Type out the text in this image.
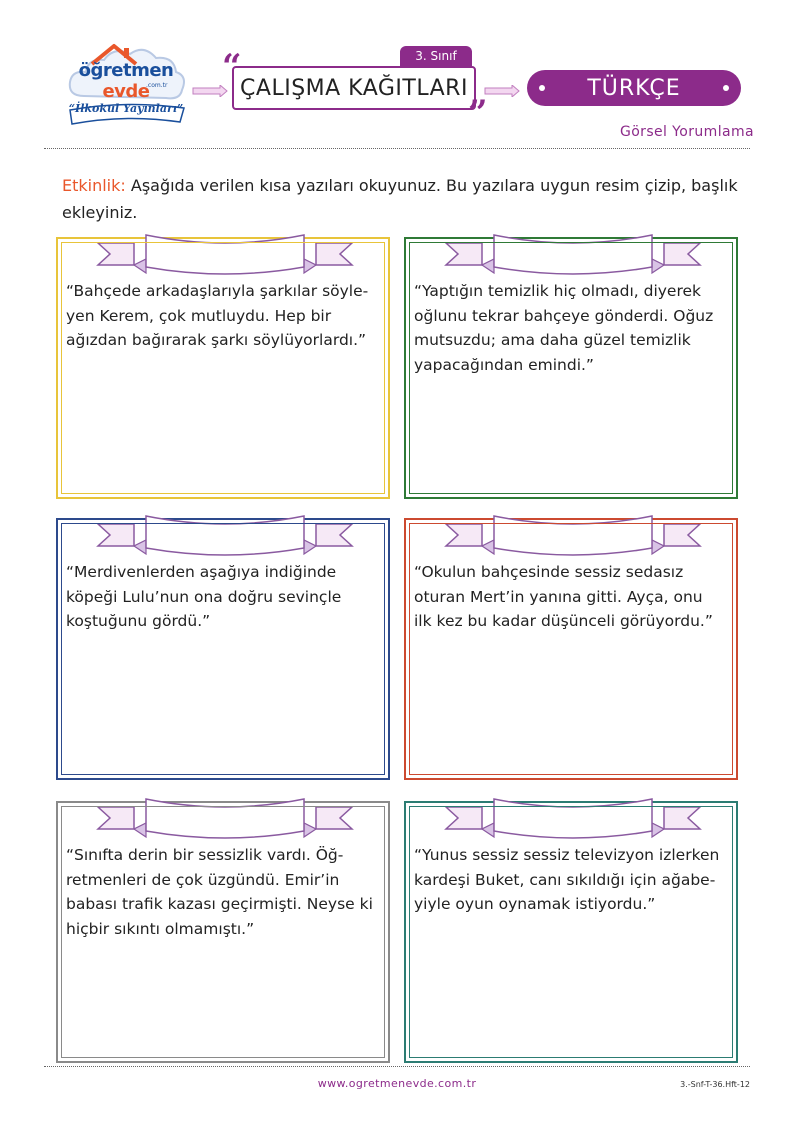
öğretmen
evde
.com.tr
“İlkokul Yayınları”
3. Sınıf
“
ÇALIŞMA KAĞITLARI
”
TÜRKÇE
Görsel Yorumlama
Etkinlik: Aşağıda verilen kısa yazıları okuyunuz. Bu yazılara uygun resim çizip, başlık ekleyiniz.
“Bahçede arkadaşlarıyla şarkılar söyle-
yen Kerem, çok mutluydu. Hep bir
ağızdan bağırarak şarkı söylüyorlardı.”
“Yaptığın temizlik hiç olmadı, diyerek
oğlunu tekrar bahçeye gönderdi. Oğuz
mutsuzdu; ama daha güzel temizlik
yapacağından emindi.”
“Merdivenlerden aşağıya indiğinde
köpeği Lulu’nun ona doğru sevinçle
koştuğunu gördü.”
“Okulun bahçesinde sessiz sedasız
oturan Mert’in yanına gitti. Ayça, onu
ilk kez bu kadar düşünceli görüyordu.”
“Sınıfta derin bir sessizlik vardı. Öğ-
retmenleri de çok üzgündü. Emir’in
babası trafik kazası geçirmişti. Neyse ki
hiçbir sıkıntı olmamıştı.”
“Yunus sessiz sessiz televizyon izlerken
kardeşi Buket, canı sıkıldığı için ağabe-
yiyle oyun oynamak istiyordu.”
www.ogretmenevde.com.tr	3.-Snf-T-36.Hft-12
